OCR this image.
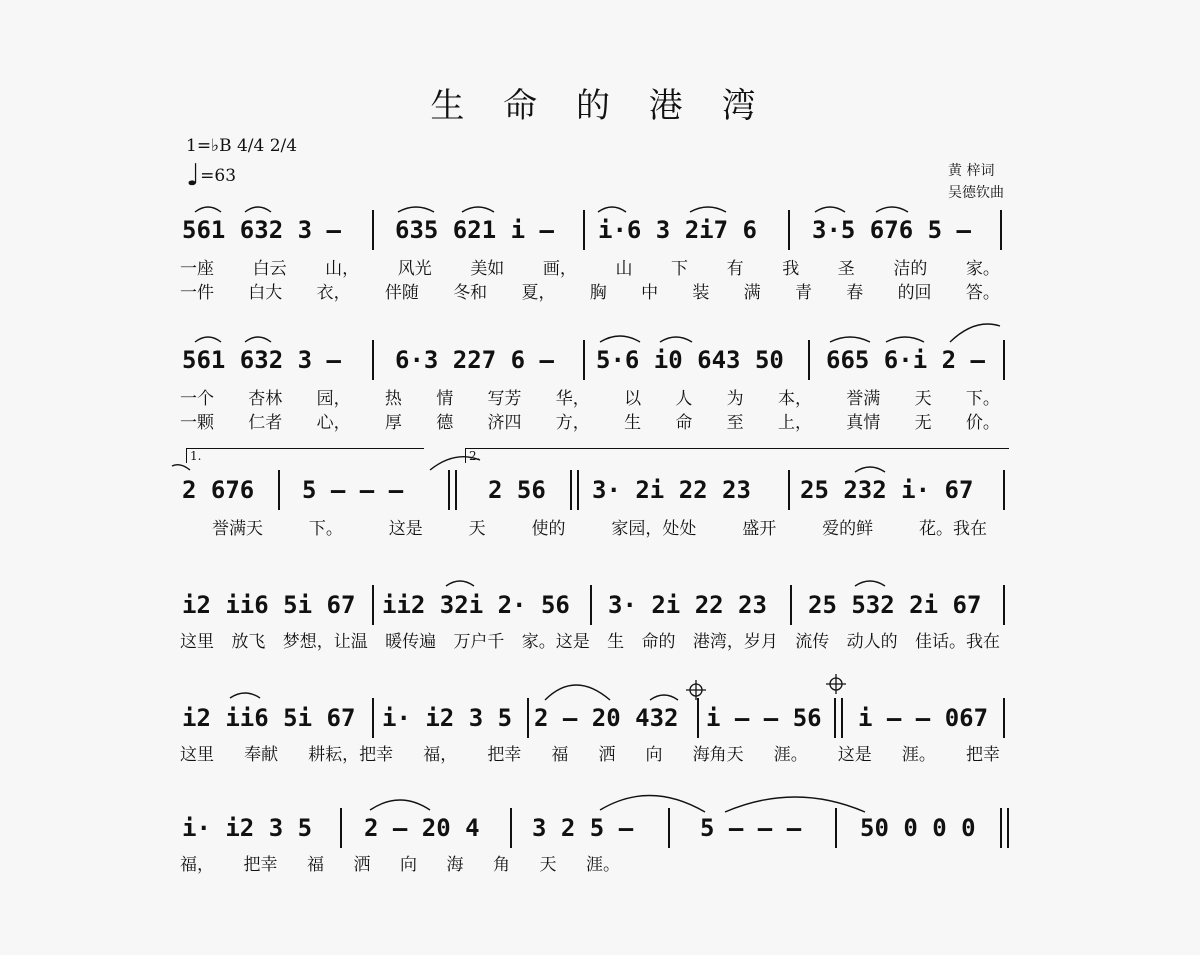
生 命 的 港 湾
1=♭B 4/4 2/4
♩=63	黄 梓词
吴德钦曲
561 632 3 –	635 621 i –	i·6 3 2i7 6	3·5 676 5 –
一座 白云 山， 风光 美如 画， 山 下 有 我 圣 洁的 家。
一件 白大 衣， 伴随 冬和 夏， 胸 中 装 满 青 春 的回 答。
561 632 3 –	6·3 227 6 –	5·6 i0 643 50	665 6·i 2 –
一个 杏林 园， 热 情 写芳 华， 以 人 为 本， 誉满 天 下。
一颗 仁者 心， 厚 德 济四 方， 生 命 至 上， 真情 无 价。
1.	2.
2 676 5 – – –	2 56 3· 2i 22 23	25 232 i· 67
誉满天	下。	这是	天	使的	家园，处处	盛开	爱的鲜	花。我在
i2 ii6 5i 67 ii2 32i 2· 56	3· 2i 22 23	25 532 2i 67
这里 放飞 梦想，让温 暖传遍 万户千 家。这是 生 命的 港湾，岁月 流传 动人的 佳话。我在
i2 ii6 5i 67 i· i2 3 5 2 – 20 432	i – – 56 i – – 067
这里 奉献 耕耘，把幸 福， 把幸 福 洒 向 海角天 涯。 这是 涯。 把幸
i· i2 3 5 2 – 20 4	3 2 5 –	5 – – –	50 0 0 0
福， 把幸 福 洒 向 海 角 天 涯。
